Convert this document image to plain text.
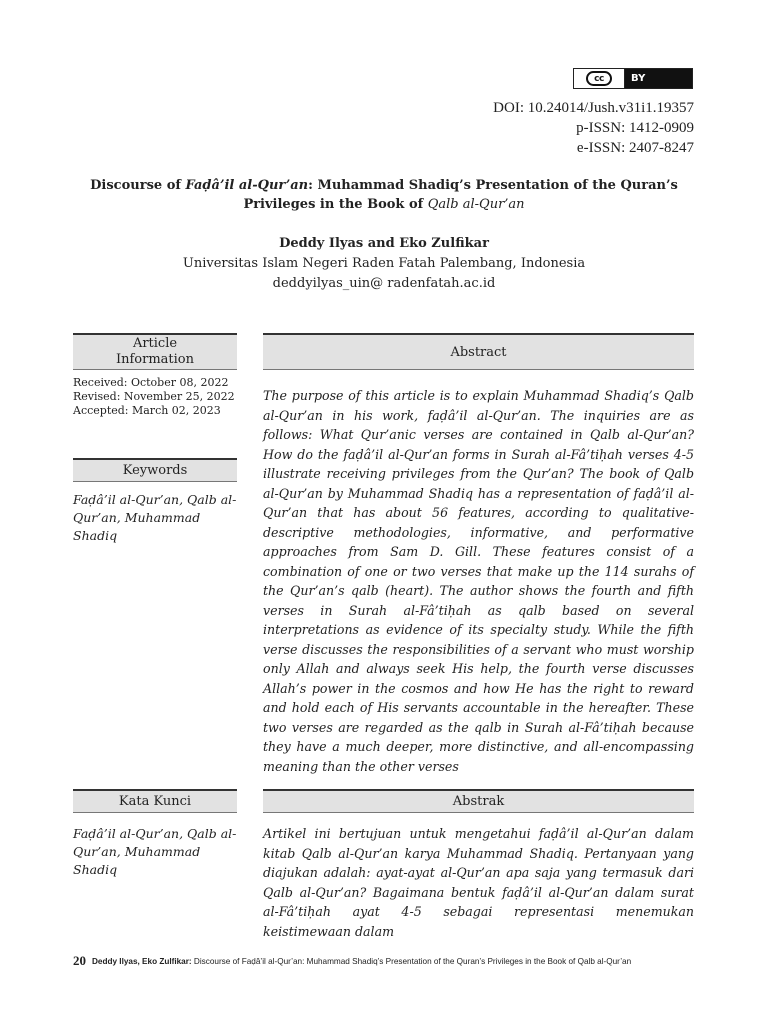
cc	BY
DOI: 10.24014/Jush.v31i1.19357
p-ISSN: 1412-0909
e-ISSN: 2407-8247
Discourse of Faḍâ’il al-Qur’an: Muhammad Shadiq’s Presentation of the Quran’s
Privileges in the Book of Qalb al-Qur’an
Deddy Ilyas and Eko Zulfikar
Universitas Islam Negeri Raden Fatah Palembang, Indonesia
deddyilyas_uin@ radenfatah.ac.id
Article
Information
Received: October 08, 2022
Revised: November 25, 2022
Accepted: March 02, 2023
Keywords
Faḍâ’il al-Qur’an, Qalb al-Qur’an, Muhammad Shadiq
Abstract
The purpose of this article is to explain Muhammad Shadiq’s Qalb al-Qur’an in his work, faḍâ’il al-Qur’an. The inquiries are as follows: What Qur’anic verses are contained in Qalb al-Qur’an? How do the faḍâ’il al-Qur’an forms in Surah al-Fâ’tiḥah verses 4-5 illustrate receiving privileges from the Qur’an? The book of Qalb al-Qur’an by Muhammad Shadiq has a representation of faḍâ’il al-Qur’an that has about 56 features, according to qualitative-descriptive methodologies, informative, and performative approaches from Sam D. Gill. These features consist of a combination of one or two verses that make up the 114 surahs of the Qur’an’s qalb (heart). The author shows the fourth and fifth verses in Surah al-Fâ’tiḥah as qalb based on several interpretations as evidence of its specialty study. While the fifth verse discusses the responsibilities of a servant who must worship only Allah and always seek His help, the fourth verse discusses Allah’s power in the cosmos and how He has the right to reward and hold each of His servants accountable in the hereafter. These two verses are regarded as the qalb in Surah al-Fâ’tiḥah because they have a much deeper, more distinctive, and all-encompassing meaning than the other verses
Kata Kunci
Faḍâ’il al-Qur’an, Qalb al-Qur’an, Muhammad Shadiq
Abstrak
Artikel ini bertujuan untuk mengetahui faḍâ’il al-Qur’an dalam kitab Qalb al-Qur’an karya Muhammad Shadiq. Pertanyaan yang diajukan adalah: ayat-ayat al-Qur’an apa saja yang termasuk dari Qalb al-Qur’an? Bagaimana bentuk faḍâ’il al-Qur’an dalam surat al-Fâ’tiḥah ayat 4-5 sebagai representasi menemukan keistimewaan dalam
20 Deddy Ilyas, Eko Zulfikar: Discourse of Faḍâ’il al-Qur’an: Muhammad Shadiq’s Presentation of the Quran’s Privileges in the Book of Qalb al-Qur’an
